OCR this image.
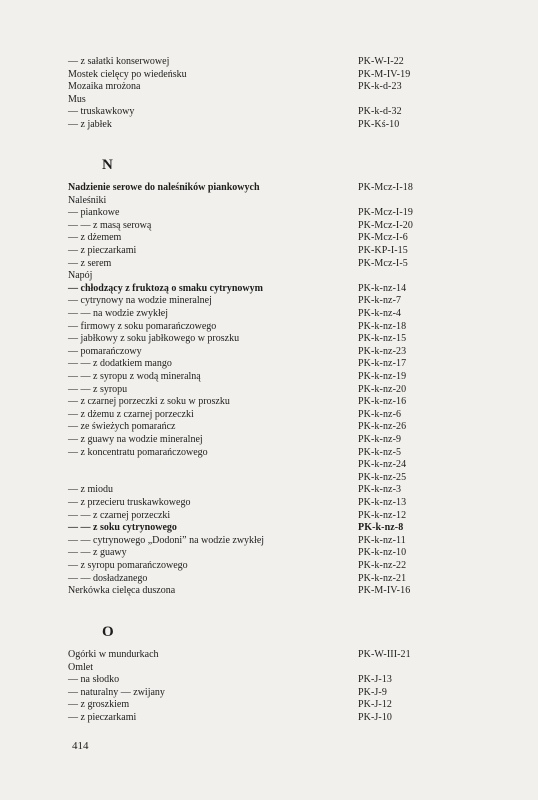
— z sałatki konserwowej	PK-W-I-22
Mostek cielęcy po wiedeńsku	PK-M-IV-19
Mozaika mrożona	PK-k-d-23
Mus
— truskawkowy	PK-k-d-32
— z jabłek	PK-Kś-10
N
Nadzienie serowe do naleśników piankowych	PK-Mcz-I-18
Naleśniki
— piankowe	PK-Mcz-I-19
— — z masą serową	PK-Mcz-I-20
— z dżemem	PK-Mcz-I-6
— z pieczarkami	PK-KP-I-15
— z serem	PK-Mcz-I-5
Napój
— chłodzący z fruktozą o smaku cytrynowym	PK-k-nz-14
— cytrynowy na wodzie mineralnej	PK-k-nz-7
— — na wodzie zwykłej	PK-k-nz-4
— firmowy z soku pomarańczowego	PK-k-nz-18
— jabłkowy z soku jabłkowego w proszku	PK-k-nz-15
— pomarańczowy	PK-k-nz-23
— — z dodatkiem mango	PK-k-nz-17
— — z syropu z wodą mineralną	PK-k-nz-19
— — z syropu	PK-k-nz-20
— z czarnej porzeczki z soku w proszku	PK-k-nz-16
— z dżemu z czarnej porzeczki	PK-k-nz-6
— ze świeżych pomarańcz	PK-k-nz-26
— z guawy na wodzie mineralnej	PK-k-nz-9
— z koncentratu pomarańczowego	PK-k-nz-5
PK-k-nz-24
PK-k-nz-25
— z miodu	PK-k-nz-3
— z przecieru truskawkowego	PK-k-nz-13
— — z czarnej porzeczki	PK-k-nz-12
— — z soku cytrynowego	PK-k-nz-8
— — cytrynowego „Dodoni” na wodzie zwykłej	PK-k-nz-11
— — z guawy	PK-k-nz-10
— z syropu pomarańczowego	PK-k-nz-22
— — dosładzanego	PK-k-nz-21
Nerkówka cielęca duszona	PK-M-IV-16
O
Ogórki w mundurkach	PK-W-III-21
Omlet
— na słodko	PK-J-13
— naturalny — zwijany	PK-J-9
— z groszkiem	PK-J-12
— z pieczarkami	PK-J-10
414
